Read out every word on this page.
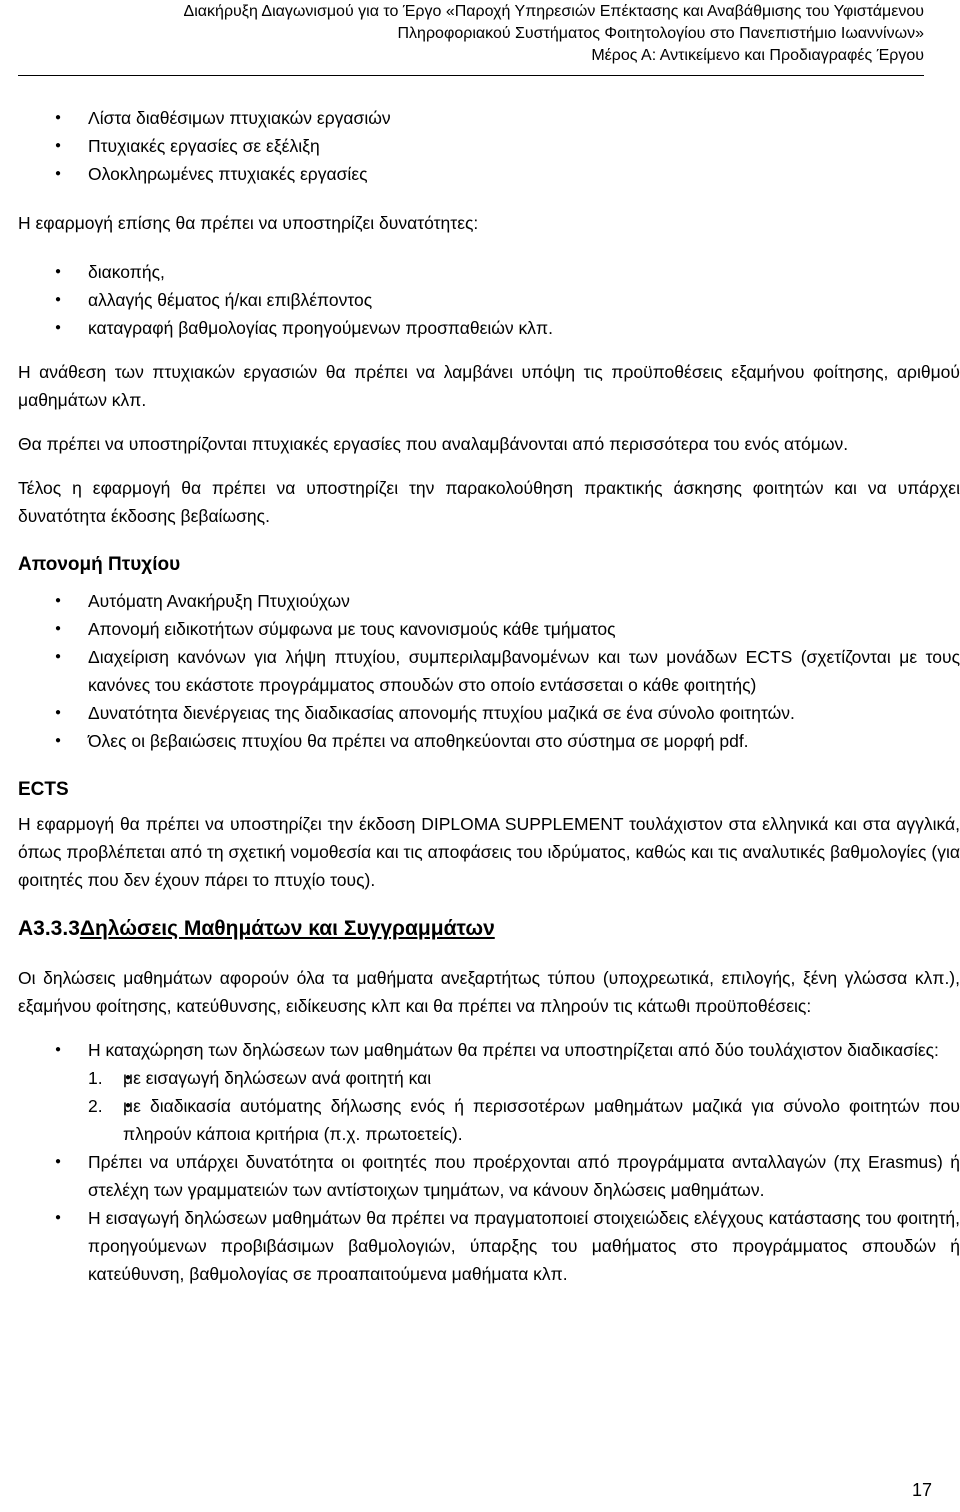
Διακήρυξη Διαγωνισμού για το Έργο «Παροχή Υπηρεσιών Επέκτασης και Αναβάθμισης του Υφιστάμενου
Πληροφοριακού Συστήματος Φοιτητολογίου στο Πανεπιστήμιο Ιωαννίνων»
Μέρος Α: Αντικείμενο και Προδιαγραφές Έργου
● Λίστα διαθέσιμων πτυχιακών εργασιών
● Πτυχιακές εργασίες σε εξέλιξη
● Ολοκληρωμένες πτυχιακές εργασίες

Η εφαρμογή επίσης θα πρέπει να υποστηρίζει δυνατότητες:

● διακοπής,
● αλλαγής θέματος ή/και επιβλέποντος
● καταγραφή βαθμολογίας προηγούμενων προσπαθειών κλπ.

Η ανάθεση των πτυχιακών εργασιών θα πρέπει να λαμβάνει υπόψη τις προϋποθέσεις εξαμήνου φοίτησης, αριθμού μαθημάτων κλπ.

Θα πρέπει να υποστηρίζονται πτυχιακές εργασίες που αναλαμβάνονται από περισσότερα του ενός ατόμων.

Τέλος η εφαρμογή θα πρέπει να υποστηρίζει την παρακολούθηση πρακτικής άσκησης φοιτητών και να υπάρχει δυνατότητα έκδοσης βεβαίωσης.

Απονομή Πτυχίου

● Αυτόματη Ανακήρυξη Πτυχιούχων
● Απονομή ειδικοτήτων σύμφωνα με τους κανονισμούς κάθε τμήματος
● Διαχείριση κανόνων για λήψη πτυχίου, συμπεριλαμβανομένων και των μονάδων ECTS (σχετίζονται με τους κανόνες του εκάστοτε προγράμματος σπουδών στο οποίο εντάσσεται ο κάθε φοιτητής)
● Δυνατότητα διενέργειας της διαδικασίας απονομής πτυχίου μαζικά σε ένα σύνολο φοιτητών.
● Όλες οι βεβαιώσεις πτυχίου θα πρέπει να αποθηκεύονται στο σύστημα σε μορφή pdf.

ECTS

Η εφαρμογή θα πρέπει να υποστηρίζει την έκδοση DIPLOMA SUPPLEMENT τουλάχιστον στα ελληνικά και στα αγγλικά, όπως προβλέπεται από τη σχετική νομοθεσία και τις αποφάσεις του ιδρύματος, καθώς και τις αναλυτικές βαθμολογίες (για φοιτητές που δεν έχουν πάρει το πτυχίο τους).

Α3.3.3Δηλώσεις Μαθημάτων και Συγγραμμάτων

Οι δηλώσεις μαθημάτων αφορούν όλα τα μαθήματα ανεξαρτήτως τύπου (υποχρεωτικά, επιλογής, ξένη γλώσσα κλπ.), εξαμήνου φοίτησης, κατεύθυνσης, ειδίκευσης κλπ και θα πρέπει να πληρούν τις κάτωθι προϋποθέσεις:

● Η καταχώρηση των δηλώσεων των μαθημάτων θα πρέπει να υποστηρίζεται από δύο τουλάχιστον διαδικασίες:
● 1. με εισαγωγή δηλώσεων ανά φοιτητή και
● 2. με διαδικασία αυτόματης δήλωσης ενός ή περισσοτέρων μαθημάτων μαζικά για σύνολο φοιτητών που πληρούν κάποια κριτήρια (π.χ. πρωτοετείς).
● Πρέπει να υπάρχει δυνατότητα οι φοιτητές που προέρχονται από προγράμματα ανταλλαγών (πχ Erasmus) ή στελέχη των γραμματειών των αντίστοιχων τμημάτων, να κάνουν δηλώσεις μαθημάτων.
● Η εισαγωγή δηλώσεων μαθημάτων θα πρέπει να πραγματοποιεί στοιχειώδεις ελέγχους κατάστασης του φοιτητή, προηγούμενων προβιβάσιμων βαθμολογιών, ύπαρξης του μαθήματος στο προγράμματος σπουδών ή κατεύθυνση, βαθμολογίας σε προαπαιτούμενα μαθήματα κλπ.
17
